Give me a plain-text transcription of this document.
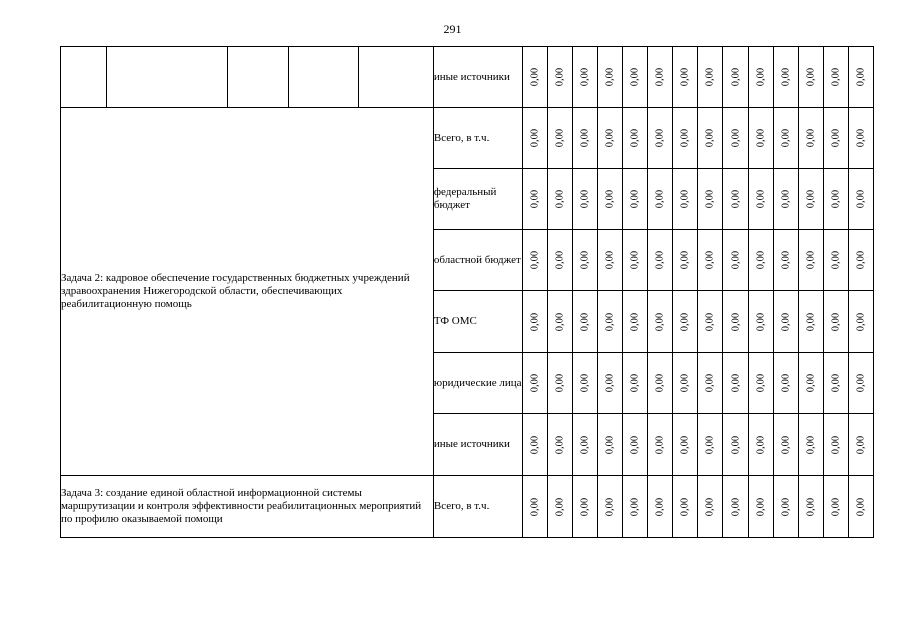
291
					иные источники	0,00	0,00	0,00	0,00	0,00	0,00	0,00	0,00	0,00	0,00	0,00	0,00	0,00	0,00

Задача 2: кадровое обеспечение государственных бюджетных учреждений здравоохранения Нижегородской области, обеспечивающих реабилитационную помощь					Всего, в т.ч.	0,00	0,00	0,00	0,00	0,00	0,00	0,00	0,00	0,00	0,00	0,00	0,00	0,00	0,00

					федеральный бюджет	0,00	0,00	0,00	0,00	0,00	0,00	0,00	0,00	0,00	0,00	0,00	0,00	0,00	0,00

					областной бюджет	0,00	0,00	0,00	0,00	0,00	0,00	0,00	0,00	0,00	0,00	0,00	0,00	0,00	0,00

					ТФ ОМС	0,00	0,00	0,00	0,00	0,00	0,00	0,00	0,00	0,00	0,00	0,00	0,00	0,00	0,00

					юридические лица	0,00	0,00	0,00	0,00	0,00	0,00	0,00	0,00	0,00	0,00	0,00	0,00	0,00	0,00

					иные источники	0,00	0,00	0,00	0,00	0,00	0,00	0,00	0,00	0,00	0,00	0,00	0,00	0,00	0,00

Задача 3: создание единой областной информационной системы маршрутизации и контроля эффективности реабилитационных мероприятий по профилю оказываемой помощи					Всего, в т.ч.	0,00	0,00	0,00	0,00	0,00	0,00	0,00	0,00	0,00	0,00	0,00	0,00	0,00	0,00
